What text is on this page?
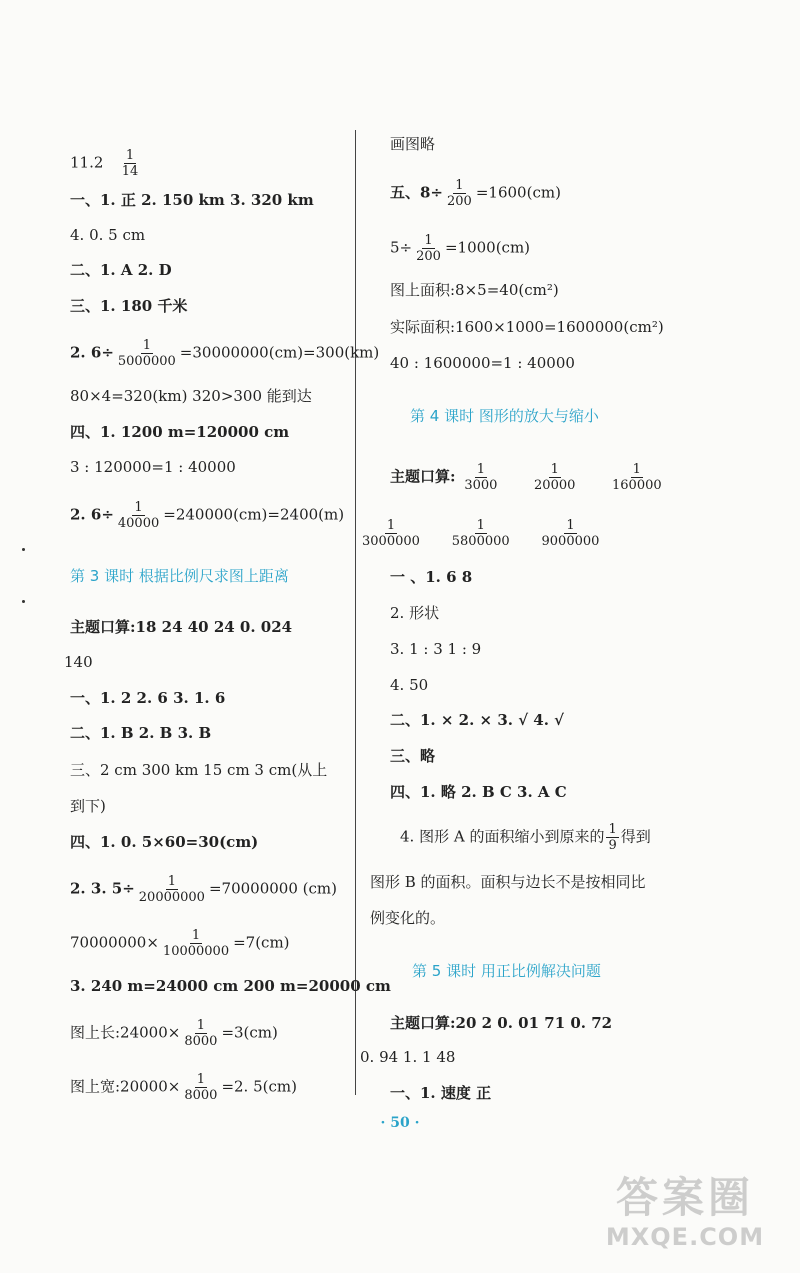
$11.2 \frac{1}{14}$
一、1. 正 2. 150 km 3. 320 km
4. 0. 5 cm
二、1. A 2. D
三、1. 180 千米
2. $6\div \frac{1}{5000000} =30000000(cm)=300(km)$
80×4=320(km) 320>300 能到达
四、1. 1200 m=120000 cm
3 : 120000=1 : 40000
2. $6\div \frac{1}{40000} =240000(cm)=2400(m)$
第 3 课时 根据比例尺求图上距离
主题口算:18 24 40 24 0. 024
140
一、1. 2 2. 6 3. 1. 6
二、1. B 2. B 3. B
三、2 cm 300 km 15 cm 3 cm(从上
到下)
四、1. 0. 5×60=30(cm)
2. 3. $5\div \frac{1}{20000000} =70000000$ (cm)
$70000000\times \frac{1}{10000000} =7(cm)$
3. 240 m=24000 cm 200 m=20000 cm
图上长:24000× $\frac{1}{8000} =3(cm)$
图上宽:20000× $\frac{1}{8000} =2$. 5(cm)
画图略
五、$8\div \frac{1}{200} =1600(cm)$
$5\div \frac{1}{200} =1000(cm)$
图上面积:8×5=40(cm²)
实际面积:1600×1000=1600000(cm²)
40 : 1600000=1 : 40000
第 4 课时 图形的放大与缩小
主题口算: $\frac{1}{3000}$
	$\frac{1}{20000}$
	$\frac{1}{160000}$
$\frac{1}{3000000}$
$\frac{1}{5800000}$
$\frac{1}{9000000}$
一 、1. 6 8
2. 形状
3. 1 : 3 1 : 9
4. 50
二、1. × 2. × 3. √ 4. √
三、略
四、1. 略 2. B C 3. A C
4. 图形 A 的面积缩小到原来的 $\frac{1}{9}$ 得到
图形 B 的面积。面积与边长不是按相同比
例变化的。
第 5 课时 用正比例解决问题
主题口算:20 2 0. 01 71 0. 72
0. 94 1. 1 48
一、1. 速度 正
· 50 ·
答案圈
MXQE.COM
